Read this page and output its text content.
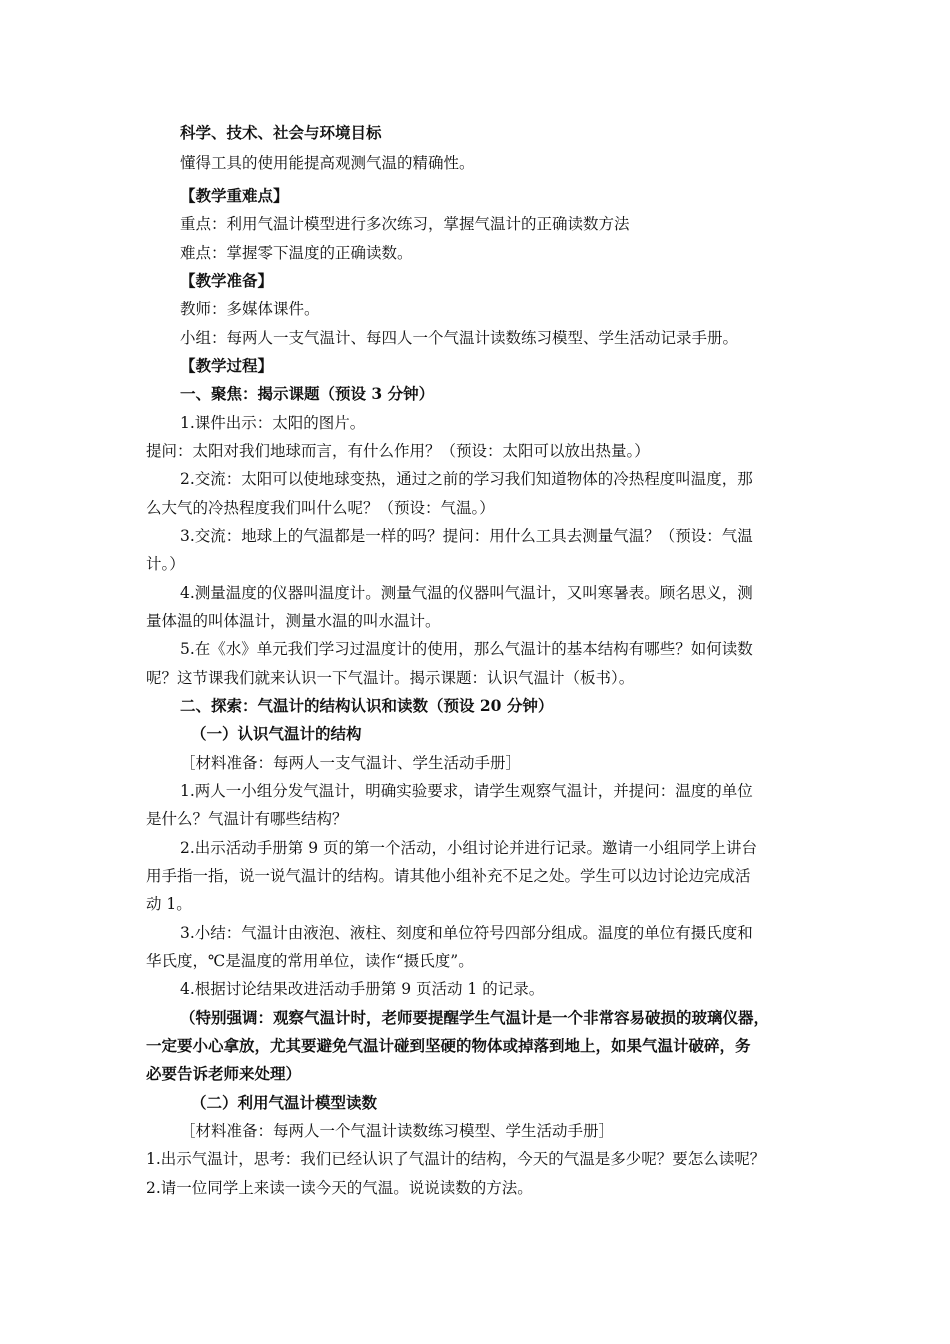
科学、技术、社会与环境目标
懂得工具的使用能提高观测气温的精确性。
【教学重难点】
重点：利用气温计模型进行多次练习，掌握气温计的正确读数方法
难点：掌握零下温度的正确读数。
【教学准备】
教师：多媒体课件。
小组：每两人一支气温计、每四人一个气温计读数练习模型、学生活动记录手册。
【教学过程】
一、聚焦：揭示课题（预设 3 分钟）
1.课件出示：太阳的图片。
提问：太阳对我们地球而言，有什么作用？（预设：太阳可以放出热量。）
2.交流：太阳可以使地球变热，通过之前的学习我们知道物体的冷热程度叫温度，那
么大气的冷热程度我们叫什么呢？（预设：气温。）
3.交流：地球上的气温都是一样的吗？提问：用什么工具去测量气温？（预设：气温
计。）
4.测量温度的仪器叫温度计。测量气温的仪器叫气温计，又叫寒暑表。顾名思义，测
量体温的叫体温计，测量水温的叫水温计。
5.在《水》单元我们学习过温度计的使用，那么气温计的基本结构有哪些？如何读数
呢？这节课我们就来认识一下气温计。揭示课题：认识气温计（板书）。
二、探索：气温计的结构认识和读数（预设 20 分钟）
（一）认识气温计的结构
［材料准备：每两人一支气温计、学生活动手册］
1.两人一小组分发气温计，明确实验要求，请学生观察气温计，并提问：温度的单位
是什么？气温计有哪些结构？
2.出示活动手册第 9 页的第一个活动，小组讨论并进行记录。邀请一小组同学上讲台
用手指一指，说一说气温计的结构。请其他小组补充不足之处。学生可以边讨论边完成活
动 1。
3.小结：气温计由液泡、液柱、刻度和单位符号四部分组成。温度的单位有摄氏度和
华氏度，℃是温度的常用单位，读作“摄氏度”。
4.根据讨论结果改进活动手册第 9 页活动 1 的记录。
（特别强调：观察气温计时，老师要提醒学生气温计是一个非常容易破损的玻璃仪器，
一定要小心拿放，尤其要避免气温计碰到坚硬的物体或掉落到地上，如果气温计破碎，务
必要告诉老师来处理）
（二）利用气温计模型读数
［材料准备：每两人一个气温计读数练习模型、学生活动手册］
1.出示气温计，思考：我们已经认识了气温计的结构，今天的气温是多少呢？要怎么读呢？
2.请一位同学上来读一读今天的气温。说说读数的方法。
